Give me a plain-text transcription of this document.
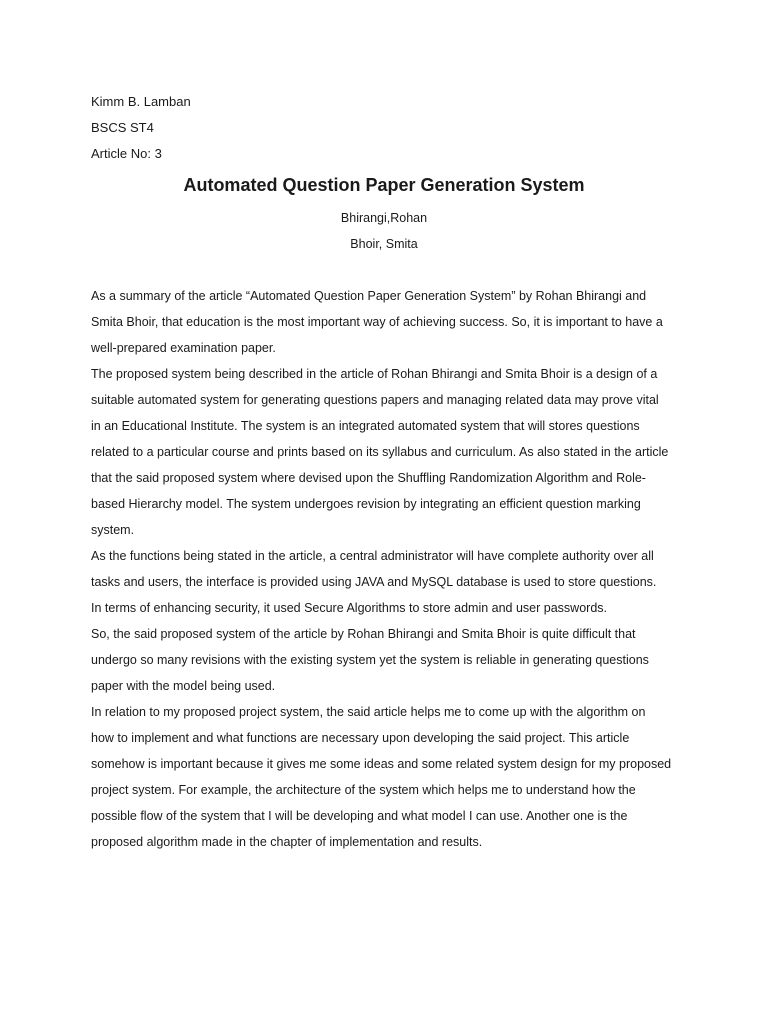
Kimm B. Lamban
BSCS ST4
Article No: 3
Automated Question Paper Generation System
Bhirangi,Rohan
Bhoir, Smita
As a summary of the article “Automated Question Paper Generation System” by Rohan Bhirangi and
Smita Bhoir, that education is the most important way of achieving success. So, it is important to have a
well-prepared examination paper.
The proposed system being described in the article of Rohan Bhirangi and Smita Bhoir is a design of a
suitable automated system for generating questions papers and managing related data may prove vital
in an Educational Institute. The system is an integrated automated system that will stores questions
related to a particular course and prints based on its syllabus and curriculum. As also stated in the article
that the said proposed system where devised upon the Shuffling Randomization Algorithm and Role-
based Hierarchy model. The system undergoes revision by integrating an efficient question marking
system.
As the functions being stated in the article, a central administrator will have complete authority over all
tasks and users, the interface is provided using JAVA and MySQL database is used to store questions.
In terms of enhancing security, it used Secure Algorithms to store admin and user passwords.
So, the said proposed system of the article by Rohan Bhirangi and Smita Bhoir is quite difficult that
undergo so many revisions with the existing system yet the system is reliable in generating questions
paper with the model being used.
In relation to my proposed project system, the said article helps me to come up with the algorithm on
how to implement and what functions are necessary upon developing the said project. This article
somehow is important because it gives me some ideas and some related system design for my proposed
project system. For example, the architecture of the system which helps me to understand how the
possible flow of the system that I will be developing and what model I can use. Another one is the
proposed algorithm made in the chapter of implementation and results.
